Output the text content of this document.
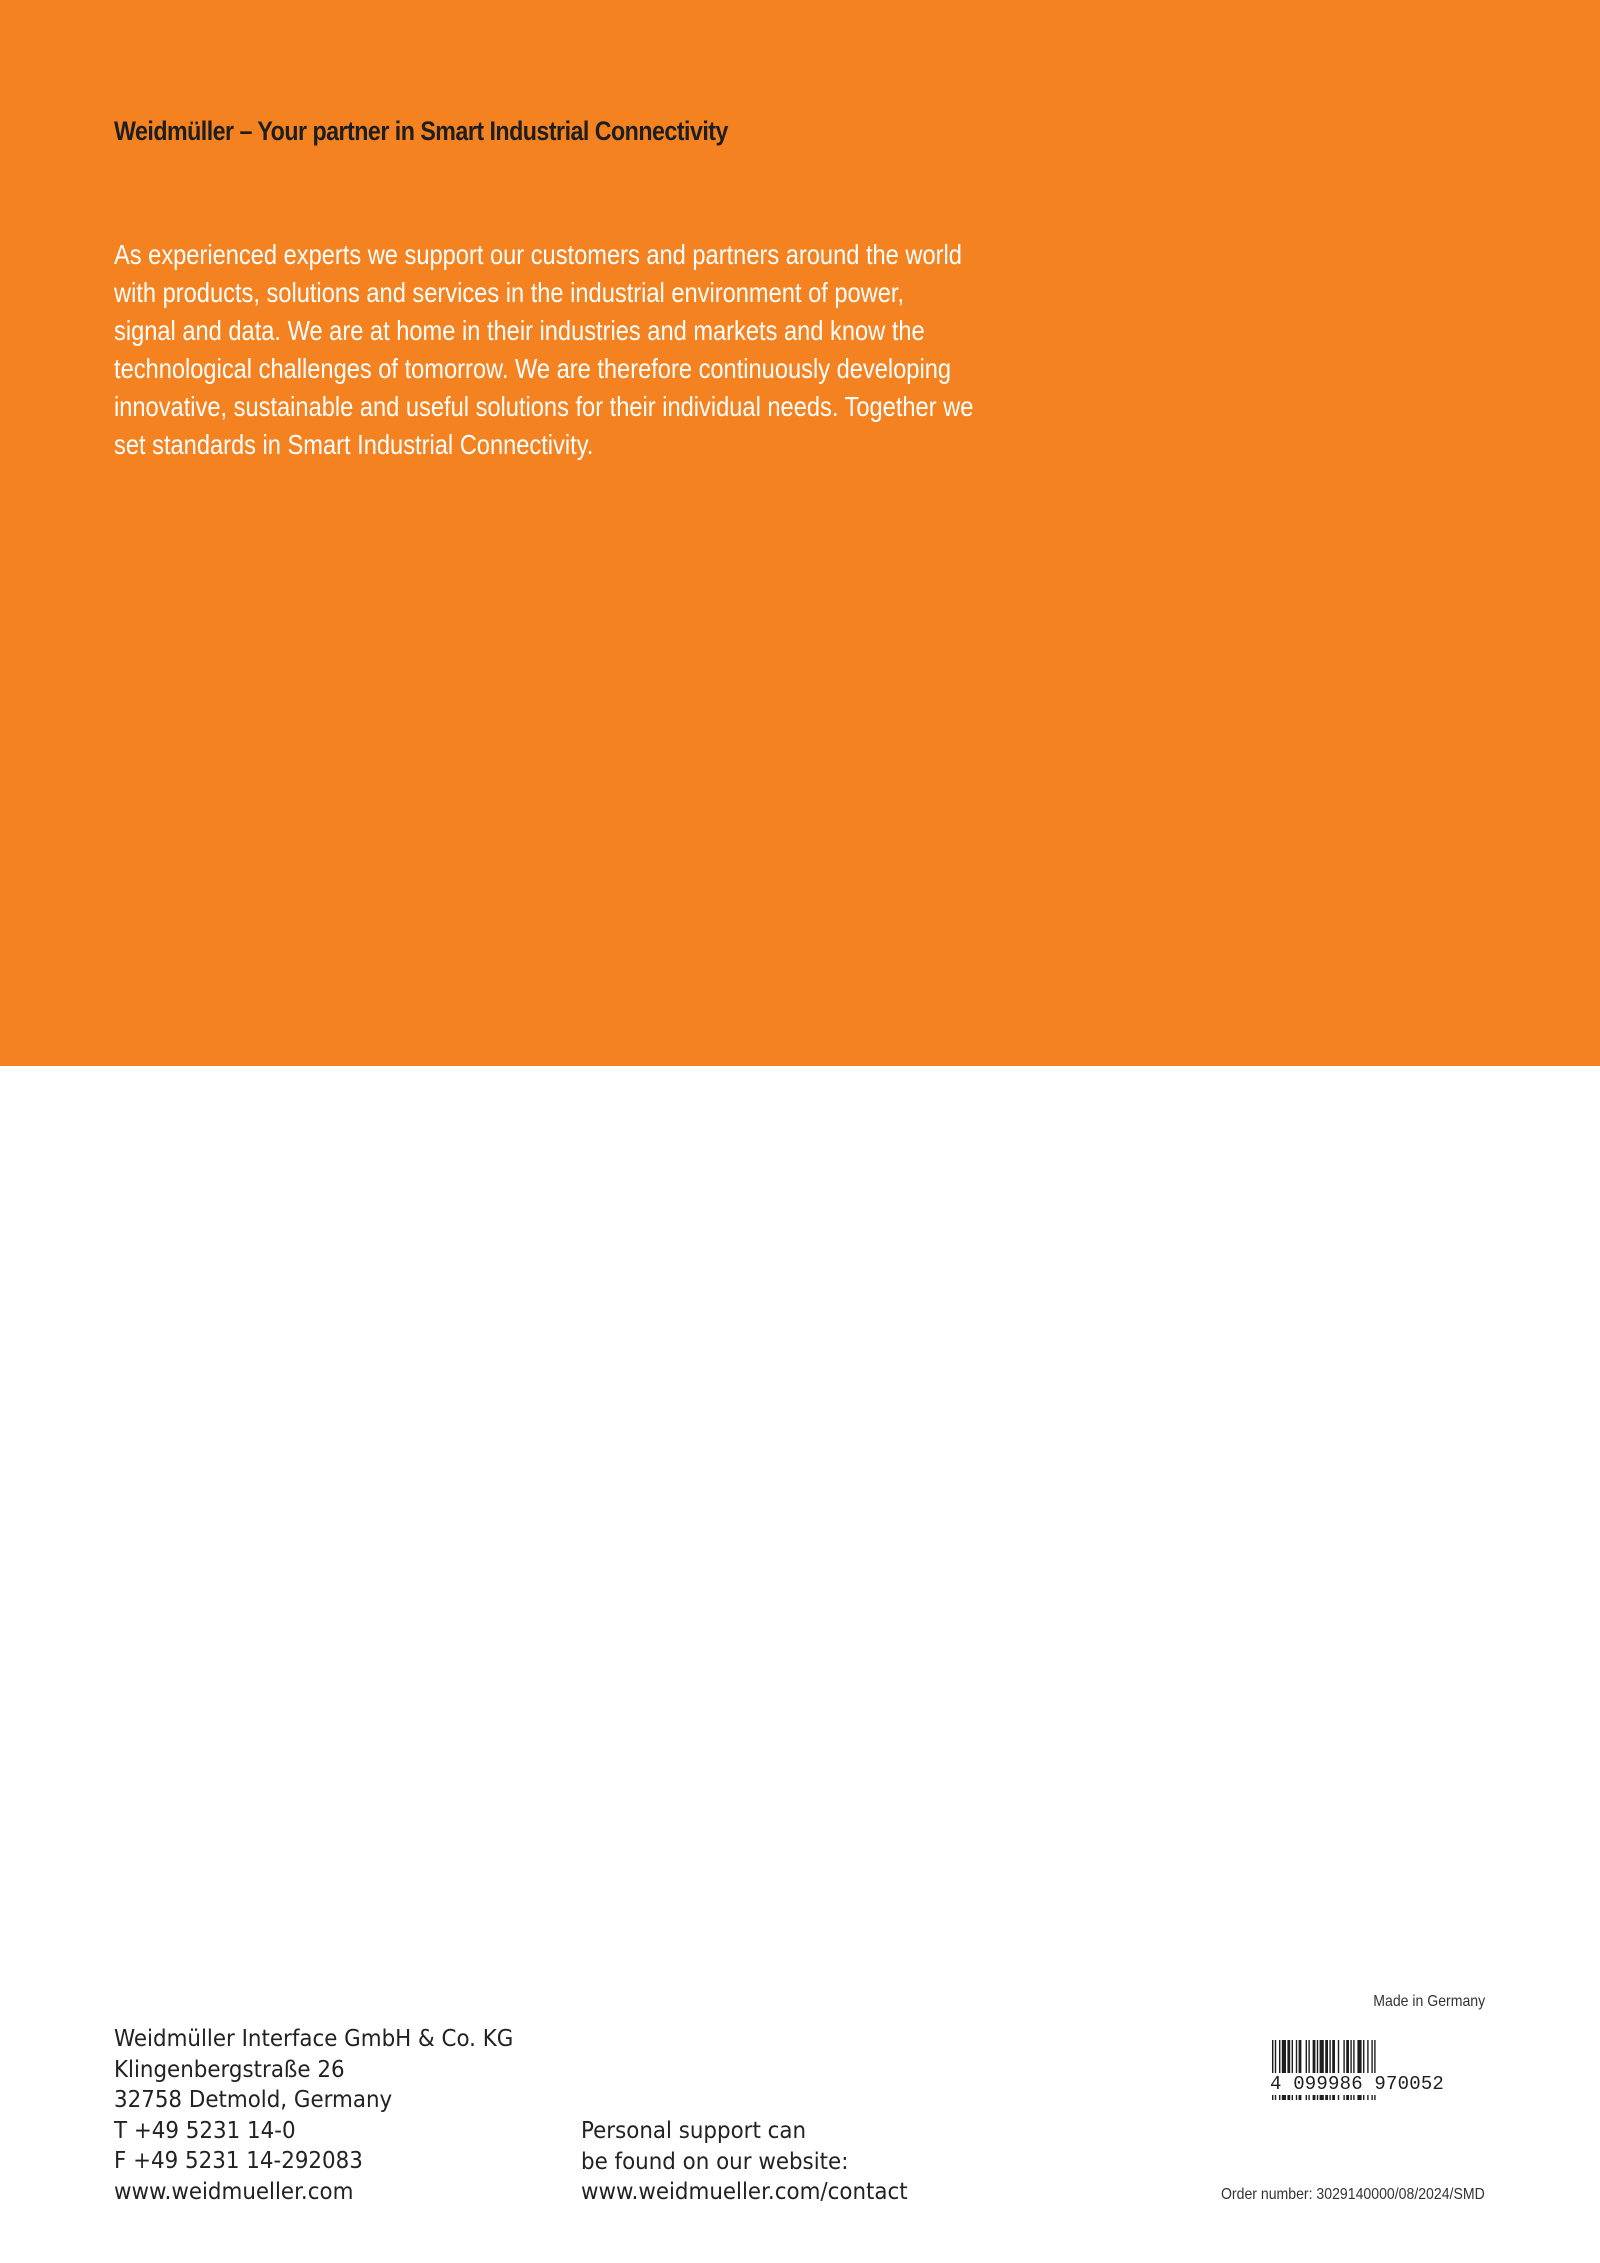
Weidmüller – Your partner in Smart Industrial Connectivity

As experienced experts we support our customers and partners around the world
with products, solutions and services in the industrial environment of power,
signal and data. We are at home in their industries and markets and know the
technological challenges of tomorrow. We are therefore continuously developing
innovative, sustainable and useful solutions for their individual needs. Together we
set standards in Smart Industrial Connectivity.

Weidmüller Interface GmbH & Co. KG
Klingenbergstraße 26
32758 Detmold, Germany
T +49 5231 14-0
F +49 5231 14-292083
www.weidmueller.com
Personal support can
be found on our website:
www.weidmueller.com/contact

Made in Germany

4 099986 970052

Order number: 3029140000/08/2024/SMD
